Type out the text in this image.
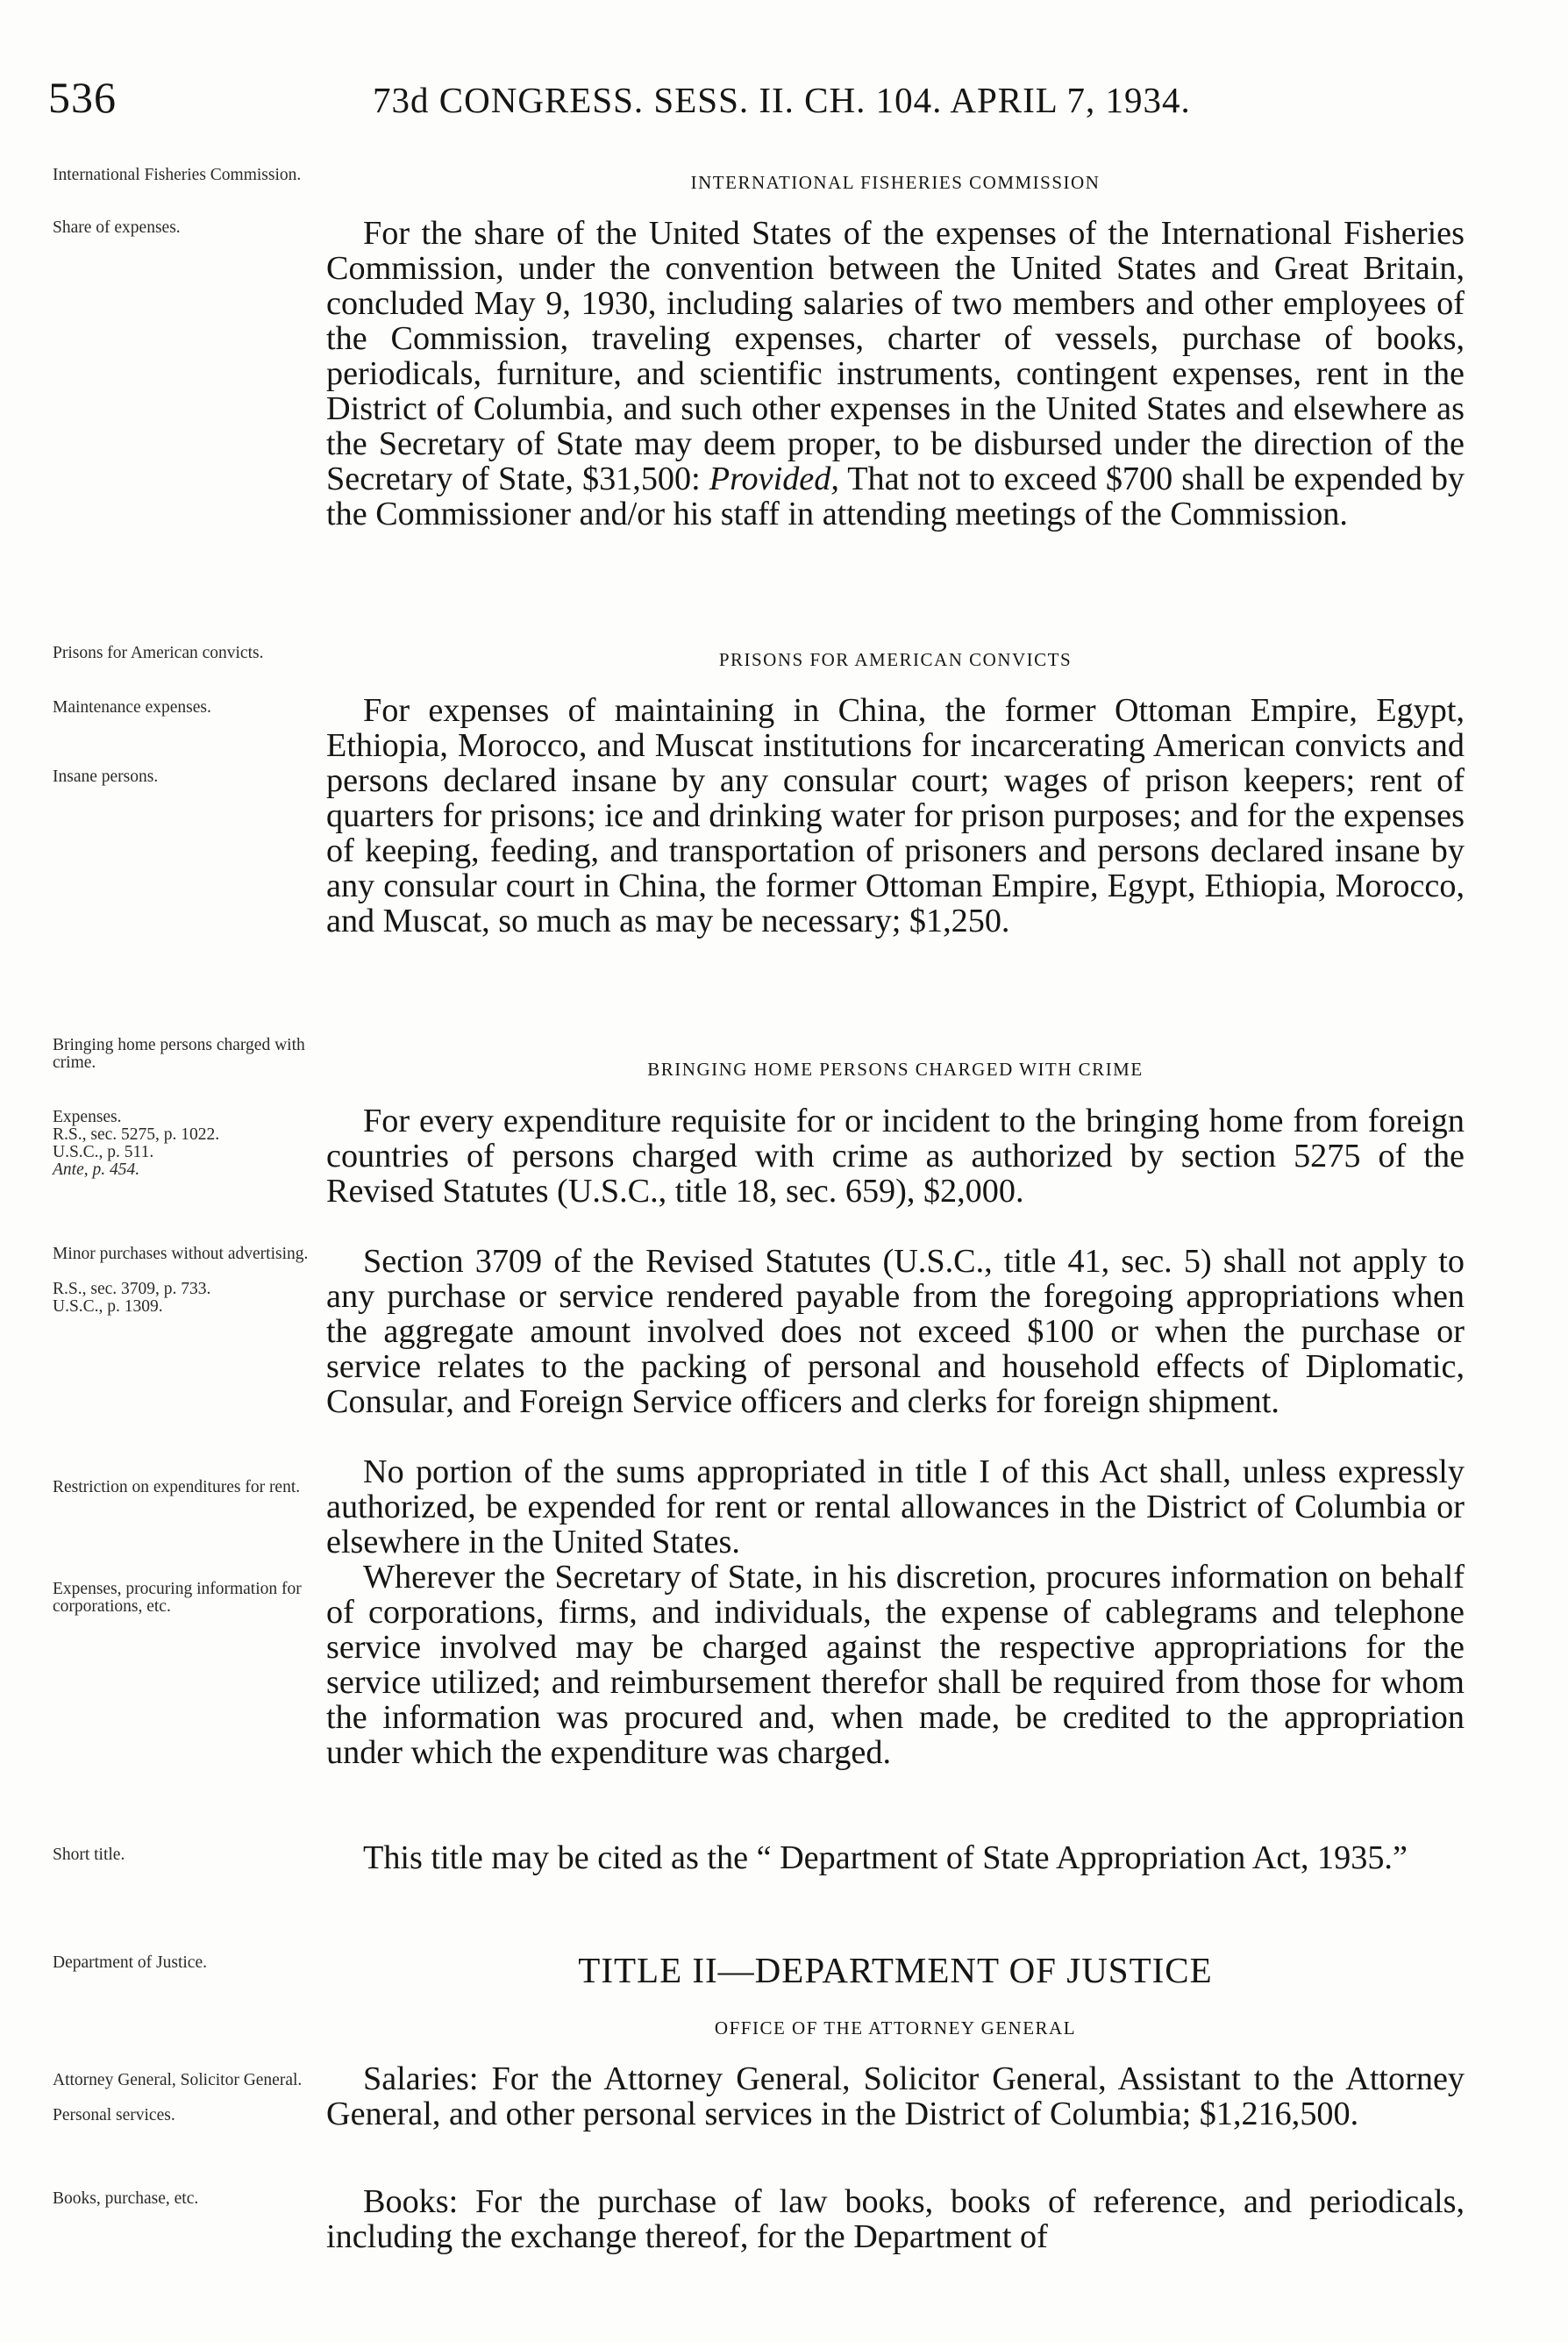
536	73d CONGRESS. SESS. II. CH. 104. APRIL 7, 1934.
International Fisheries Commission.
Share of expenses.
Prisons for American convicts.
Maintenance expenses.
Insane persons.
Bringing home persons charged with crime.
Expenses.
R.S., sec. 5275, p. 1022.
U.S.C., p. 511.
Ante, p. 454.
Minor purchases without advertising.
R.S., sec. 3709, p. 733.
U.S.C., p. 1309.
Restriction on expenditures for rent.
Expenses, procuring information for corporations, etc.
Short title.
Department of Justice.
Attorney General, Solicitor General.
Personal services.
Books, purchase, etc.
INTERNATIONAL FISHERIES COMMISSION

For the share of the United States of the expenses of the International Fisheries Commission, under the convention between the United States and Great Britain, concluded May 9, 1930, including salaries of two members and other employees of the Commission, traveling expenses, charter of vessels, purchase of books, periodicals, furniture, and scientific instruments, contingent expenses, rent in the District of Columbia, and such other expenses in the United States and elsewhere as the Secretary of State may deem proper, to be disbursed under the direction of the Secretary of State, $31,500: Provided, That not to exceed $700 shall be expended by the Commissioner and/or his staff in attending meetings of the Commission.

PRISONS FOR AMERICAN CONVICTS

For expenses of maintaining in China, the former Ottoman Empire, Egypt, Ethiopia, Morocco, and Muscat institutions for incarcerating American convicts and persons declared insane by any consular court; wages of prison keepers; rent of quarters for prisons; ice and drinking water for prison purposes; and for the expenses of keeping, feeding, and transportation of prisoners and persons declared insane by any consular court in China, the former Ottoman Empire, Egypt, Ethiopia, Morocco, and Muscat, so much as may be necessary; $1,250.

BRINGING HOME PERSONS CHARGED WITH CRIME

For every expenditure requisite for or incident to the bringing home from foreign countries of persons charged with crime as authorized by section 5275 of the Revised Statutes (U.S.C., title 18, sec. 659), $2,000.

Section 3709 of the Revised Statutes (U.S.C., title 41, sec. 5) shall not apply to any purchase or service rendered payable from the foregoing appropriations when the aggregate amount involved does not exceed $100 or when the purchase or service relates to the packing of personal and household effects of Diplomatic, Consular, and Foreign Service officers and clerks for foreign shipment.

No portion of the sums appropriated in title I of this Act shall, unless expressly authorized, be expended for rent or rental allowances in the District of Columbia or elsewhere in the United States.

Wherever the Secretary of State, in his discretion, procures information on behalf of corporations, firms, and individuals, the expense of cablegrams and telephone service involved may be charged against the respective appropriations for the service utilized; and reimbursement therefor shall be required from those for whom the information was procured and, when made, be credited to the appropriation under which the expenditure was charged.

This title may be cited as the “ Department of State Appropriation Act, 1935.”

TITLE II—DEPARTMENT OF JUSTICE
OFFICE OF THE ATTORNEY GENERAL

Salaries: For the Attorney General, Solicitor General, Assistant to the Attorney General, and other personal services in the District of Columbia; $1,216,500.

Books: For the purchase of law books, books of reference, and periodicals, including the exchange thereof, for the Department of
